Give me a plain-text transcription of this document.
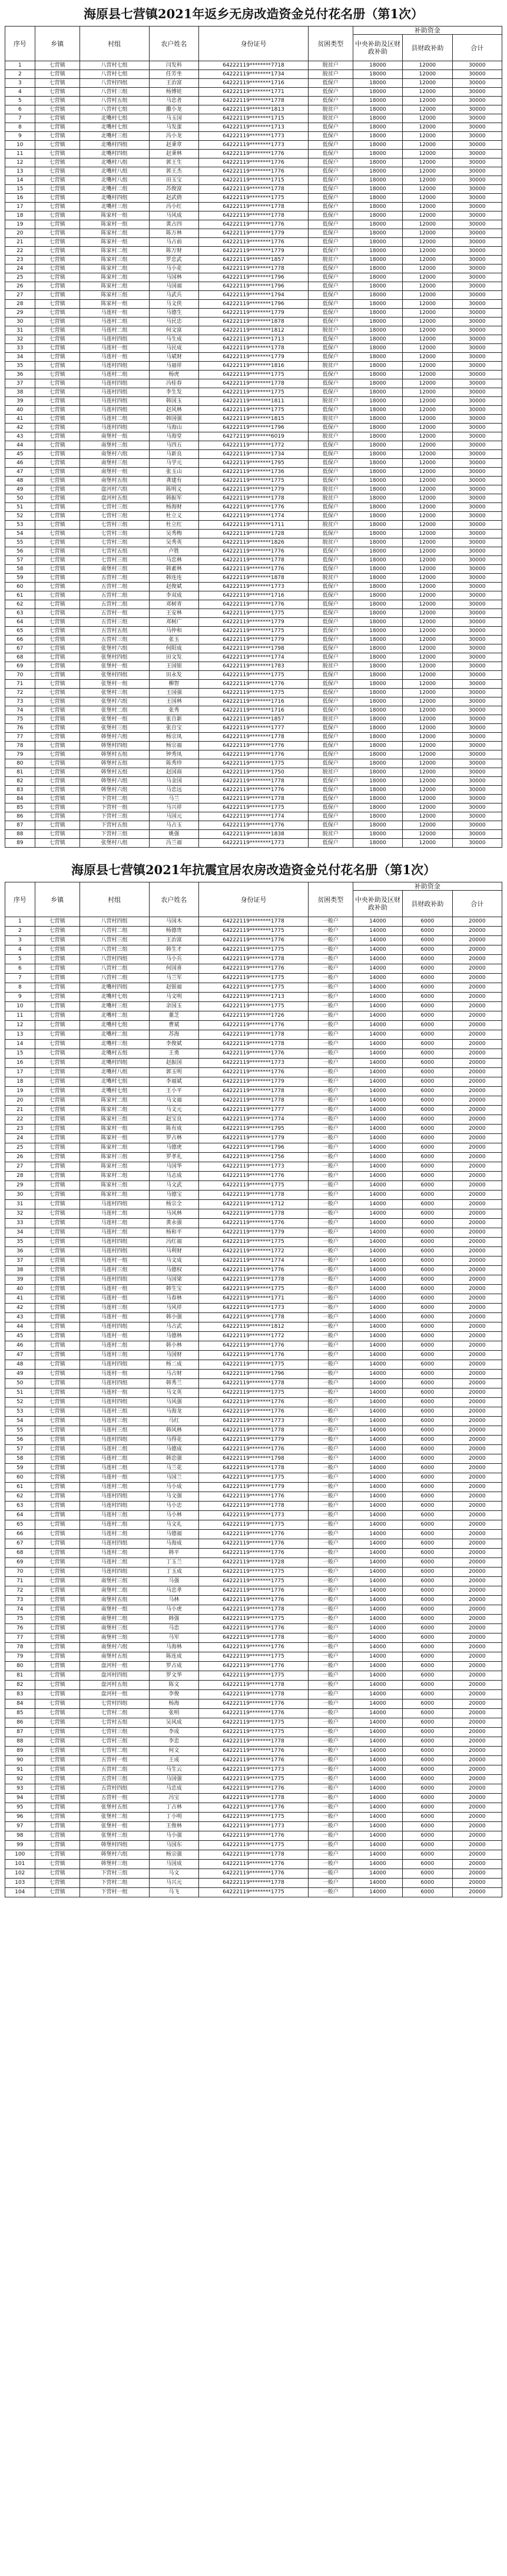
海原县七营镇2021年返乡无房改造资金兑付花名册（第1次）
序号	乡镇	村组	农户姓名	身份证号	贫困类型	补助资金		
						中央补助及区财政补助	县财政补助	合计
1	七营镇	八营村七组	闫发科	64222119********7718	脱贫户	18000	12000	30000
2	七营镇	八营村七组	任芳坐	64222119********1734	脱贫户	18000	12000	30000
3	七营镇	八营村四组	王治富	64222119********1716	低保户	18000	12000	30000
4	七营镇	八营村三组	杨博娃	64222119********1771	低保户	18000	12000	30000
5	七营镇	八营村五组	马忠者	64222119********1778	低保户	18000	12000	30000
6	七营镇	八营村七组	撒小龙	64222119********1813	脱贫户	18000	12000	30000
7	七营镇	北嘴村七组	马玉国	64222119********1715	脱贫户	18000	12000	30000
8	七营镇	北嘴村七组	马发蛋	64222119********1713	低保户	18000	12000	30000
9	七营镇	北嘴村三组	冯小龙	64222119********1773	低保户	18000	12000	30000
10	七营镇	北嘴村四组	赵秉章	64222119********1773	低保户	18000	12000	30000
11	七营镇	北嘴村四组	赵秉林	64222119********1776	低保户	18000	12000	30000
12	七营镇	北嘴村八组	郭王生	64222119********1776	低保户	18000	12000	30000
13	七营镇	北嘴村八组	郭王杰	64222119********1776	低保户	18000	12000	30000
14	七营镇	北嘴村八组	田玉宝	64222119********1715	低保户	18000	12000	30000
15	七营镇	北嘴村二组	苏俊富	64222119********1778	低保户	18000	12000	30000
16	七营镇	北嘴村四组	赵武倩	64222119********1775	低保户	18000	12000	30000
17	七营镇	北嘴村三组	冯小红	64222119********1778	低保户	18000	12000	30000
18	七营镇	陈家村一组	马风成	64222119********1778	低保户	18000	12000	30000
19	七营镇	陈家村一组	黄占四	64222119********1776	低保户	18000	12000	30000
20	七营镇	陈家村二组	陈万林	64222119********1779	低保户	18000	12000	30000
21	七营镇	陈家村一组	马占前	64222119********1776	低保户	18000	12000	30000
22	七营镇	陈家村二组	陈万财	64222119********1779	低保户	18000	12000	30000
23	七营镇	陈家村三组	罗忠武	64222119********1857	脱贫户	18000	12000	30000
24	七营镇	陈家村二组	马小花	64222119********1778	低保户	18000	12000	30000
25	七营镇	陈家村二组	马国林	64222119********1796	低保户	18000	12000	30000
26	七营镇	陈家村二组	马国福	64222119********1796	低保户	18000	12000	30000
27	七营镇	陈家村三组	马武兵	64222119********1794	低保户	18000	12000	30000
28	七营镇	陈家村一组	马文侠	64222119********1796	低保户	18000	12000	30000
29	七营镇	马莲村一组	马德生	64222119********1779	低保户	18000	12000	30000
30	七营镇	马莲村二组	马民忠	64222119********1878	低保户	18000	12000	30000
31	七营镇	马莲村二组	何文富	64222119********1812	脱贫户	18000	12000	30000
32	七营镇	马莲村四组	马生成	64222119********1713	低保户	18000	12000	30000
33	七营镇	马莲村一组	马民成	64222119********1778	低保户	18000	12000	30000
34	七营镇	马莲村一组	马斌财	64222119********1779	低保户	18000	12000	30000
35	七营镇	马莲村四组	马福祥	64222119********1816	脱贫户	18000	12000	30000
36	七营镇	马莲村二组	杨虎	64222119********1775	低保户	18000	12000	30000
37	七营镇	马莲村四组	冯桂春	64222119********1778	低保户	18000	12000	30000
38	七营镇	马莲村四组	李生发	64222119********1775	低保户	18000	12000	30000
39	七营镇	马莲村四组	韩国玉	64222119********1811	脱贫户	18000	12000	30000
40	七营镇	马莲村四组	赵风林	64222119********1775	低保户	18000	12000	30000
41	七营镇	马莲村二组	韩国强	64222119********1815	脱贫户	18000	12000	30000
42	七营镇	马莲村四组	马海山	64222119********1796	低保户	18000	12000	30000
43	七营镇	南堡村一组	马海堂	64272119********6019	脱贫户	18000	12000	30000
44	七营镇	南堡村三组	马四五	64222119********1772	低保户	18000	12000	30000
45	七营镇	南堡村六组	马新良	64222119********1734	低保户	18000	12000	30000
46	七营镇	南堡村三组	马学元	64222119********1795	低保户	18000	12000	30000
47	七营镇	南堡村一组	张玉山	64222119********1736	低保户	18000	12000	30000
48	七营镇	南堡村五组	龚建有	64222119********1775	低保户	18000	12000	30000
49	七营镇	盘河村六组	陈明义	64222119********1779	脱贫户	18000	12000	30000
50	七营镇	盘河村五组	韩振军	64222119********1778	脱贫户	18000	12000	30000
51	七营镇	七营村三组	杨海财	64222119********1776	低保户	18000	12000	30000
52	七营镇	七营村三组	杜立义	64222119********1774	低保户	18000	12000	30000
53	七营镇	七营村三组	杜立红	64222119********1711	脱贫户	18000	12000	30000
54	七营镇	七营村三组	吴秀梅	64222119********1728	低保户	18000	12000	30000
55	七营镇	七营村三组	吴秀英	64222119********1826	脱贫户	18000	12000	30000
56	七营镇	七营村五组	卢胜	64222119********1776	低保户	18000	12000	30000
57	七营镇	七营村三组	马忠林	64222119********1778	低保户	18000	12000	30000
58	七营镇	南堡村三组	韩素林	64222119********1776	低保户	18000	12000	30000
59	七营镇	五营村二组	韩连连	64222119********1878	脱贫户	18000	12000	30000
60	七营镇	五营村二组	赵俊斌	64222119********1773	低保户	18000	12000	30000
61	七营镇	五营村二组	李双成	64222119********1716	低保户	18000	12000	30000
62	七营镇	五营村二组	邓树青	64222119********1776	低保户	18000	12000	30000
63	七营镇	五营村一组	王安林	64222119********1775	低保户	18000	12000	30000
64	七营镇	五营村三组	邓树广	64222119********1779	低保户	18000	12000	30000
65	七营镇	五营村五组	马仲和	64222119********1775	低保户	18000	12000	30000
66	七营镇	五营村三组	张玉	64222119********1779	低保户	18000	12000	30000
67	七营镇	张堡村六组	何阳成	64222119********1798	低保户	18000	12000	30000
68	七营镇	张堡村四组	田文发	64222119********1774	低保户	18000	12000	30000
69	七营镇	张堡村一组	王国银	64222119********1783	脱贫户	18000	12000	30000
70	七营镇	张堡村四组	田永发	64222119********1775	低保户	18000	12000	30000
71	七营镇	张堡村一组	柳智	64222119********1776	低保户	18000	12000	30000
72	七营镇	张堡村三组	王国强	64222119********1775	低保户	18000	12000	30000
73	七营镇	张堡村六组	王国林	64222119********1716	低保户	18000	12000	30000
74	七营镇	张堡村二组	张秀	64222119********1716	低保户	18000	12000	30000
75	七营镇	张堡村一组	张自新	64222119********1857	脱贫户	18000	12000	30000
76	七营镇	张堡村三组	张自宝	64222119********1777	低保户	18000	12000	30000
77	七营镇	韩堡村六组	杨宗凤	64222119********1778	低保户	18000	12000	30000
78	七营镇	韩堡村四组	杨宗福	64222119********1776	低保户	18000	12000	30000
79	七营镇	韩堡村五组	钟秀凤	64222119********1776	低保户	18000	12000	30000
80	七营镇	韩堡村五组	陈秀珍	64222119********1775	低保户	18000	12000	30000
81	七营镇	韩堡村五组	赵国商	64222119********1750	脱贫户	18000	12000	30000
82	七营镇	韩堡村六组	马金国	64222119********1778	低保户	18000	12000	30000
83	七营镇	韩堡村六组	马忠远	64222119********1776	低保户	18000	12000	30000
84	七营镇	下营村二组	马兰	64222119********1778	低保户	18000	12000	30000
85	七营镇	下营村一组	马兴祥	64222119********1775	低保户	18000	12000	30000
86	七营镇	下营村三组	马国元	64222119********1774	低保户	18000	12000	30000
87	七营镇	下营村五组	马占玉	64222119********1776	低保户	18000	12000	30000
88	七营镇	下营村三组	姚强	64222119********1838	脱贫户	18000	12000	30000
89	七营镇	张堡村八组	冯兰福	64222119********1773	低保户	18000	12000	30000
海原县七营镇2021年抗震宜居农房改造资金兑付花名册（第1次）
序号	乡镇	村组	农户姓名	身份证号	贫困类型	补助资金		
						中央补助及区财政补助	县财政补助	合计
1	七营镇	八营村四组	马国木	64222119********1778	一般户	14000	6000	20000
2	七营镇	八营村二组	杨德贵	64222119********1775	一般户	14000	6000	20000
3	七营镇	八营村三组	王治富	64222119********1776	一般户	14000	6000	20000
4	七营镇	八营村三组	韩生才	64222119********1775	一般户	14000	6000	20000
5	七营镇	八营村四组	马小兵	64222119********1778	一般户	14000	6000	20000
6	七营镇	八营村二组	何国喜	64222119********1776	一般户	14000	6000	20000
7	七营镇	八营村二组	马兰军	64222119********1775	一般户	14000	6000	20000
8	七营镇	北嘴村四组	赵银福	64222119********1775	一般户	14000	6000	20000
9	七营镇	北嘴村七组	马文明	64222119********1713	一般户	14000	6000	20000
10	七营镇	北嘴村三组	余国玉	64222119********1775	一般户	14000	6000	20000
11	七营镇	北嘴村二组	董芝	64222119********1726	一般户	14000	6000	20000
12	七营镇	北嘴村七组	曹斌	64222119********1776	一般户	14000	6000	20000
13	七营镇	北嘴村二组	苏海	64222119********1778	一般户	14000	6000	20000
14	七营镇	北嘴村三组	李俊斌	64222119********1778	一般户	14000	6000	20000
15	七营镇	北嘴村五组	王勇	64222119********1776	一般户	14000	6000	20000
16	七营镇	北嘴村四组	赵振国	64222119********1773	一般户	14000	6000	20000
17	七营镇	北嘴村八组	郭玉明	64222119********1776	一般户	14000	6000	20000
18	七营镇	北嘴村七组	李福斌	64222119********1779	一般户	14000	6000	20000
19	七营镇	北嘴村七组	王小平	64222119********1778	一般户	14000	6000	20000
20	七营镇	陈家村二组	马文福	64222119********1778	一般户	14000	6000	20000
21	七营镇	陈家村二组	马文元	64222119********1777	一般户	14000	6000	20000
22	七营镇	陈家村三组	赵宝良	64222119********1774	一般户	14000	6000	20000
23	七营镇	陈家村一组	陈有成	64222119********1795	一般户	14000	6000	20000
24	七营镇	陈家村一组	罗占林	64222119********1779	一般户	14000	6000	20000
25	七营镇	陈家村二组	马德虎	64222119********1796	一般户	14000	6000	20000
26	七营镇	陈家村三组	罗孝礼	64222119********1756	一般户	14000	6000	20000
27	七营镇	陈家村三组	马国华	64222119********1773	一般户	14000	6000	20000
28	七营镇	陈家村二组	马志成	64222119********1776	一般户	14000	6000	20000
29	七营镇	陈家村三组	马文武	64222119********1775	一般户	14000	6000	20000
30	七营镇	陈家村二组	马德宝	64222119********1778	一般户	14000	6000	20000
31	七营镇	马莲村四组	杨宗全	64222119********1712	一般户	14000	6000	20000
32	七营镇	马莲村二组	马风林	64222119********1778	一般户	14000	6000	20000
33	七营镇	马莲村二组	黄永强	64222119********1776	一般户	14000	6000	20000
34	七营镇	马莲村二组	杨和平	64222119********1779	一般户	14000	6000	20000
35	七营镇	马莲村四组	冯红福	64222119********1775	一般户	14000	6000	20000
36	七营镇	马莲村四组	马利财	64222119********1772	一般户	14000	6000	20000
37	七营镇	马莲村一组	马文成	64222119********1774	一般户	14000	6000	20000
38	七营镇	马莲村三组	马德权	64222119********1776	一般户	14000	6000	20000
39	七营镇	马莲村四组	马国梁	64222119********1778	一般户	14000	6000	20000
40	七营镇	马莲村一组	韩生宝	64222119********1775	一般户	14000	6000	20000
41	七营镇	马莲村一组	马春林	64222119********1771	一般户	14000	6000	20000
42	七营镇	马莲村三组	马风祥	64222119********1773	一般户	14000	6000	20000
43	七营镇	马莲村一组	韩小强	64222119********1778	一般户	14000	6000	20000
44	七营镇	马莲村四组	马占武	64222119********1812	一般户	14000	6000	20000
45	七营镇	马莲村一组	马德林	64222119********1772	一般户	14000	6000	20000
46	七营镇	马莲村二组	韩小林	64222119********1776	一般户	14000	6000	20000
47	七营镇	马莲村三组	马国财	64222119********1776	一般户	14000	6000	20000
48	七营镇	马莲村四组	杨二成	64222119********1775	一般户	14000	6000	20000
49	七营镇	马莲村一组	马占财	64222119********1796	一般户	14000	6000	20000
50	七营镇	马莲村四组	韩秀兰	64222119********1778	一般户	14000	6000	20000
51	七营镇	马莲村一组	马文英	64222119********1775	一般户	14000	6000	20000
52	七营镇	马莲村四组	马风强	64222119********1776	一般户	14000	6000	20000
53	七营镇	马莲村三组	马海龙	64222119********1776	一般户	14000	6000	20000
54	七营镇	马莲村三组	马红	64222119********1773	一般户	14000	6000	20000
55	七营镇	马莲村三组	韩风林	64222119********1778	一般户	14000	6000	20000
56	七营镇	马莲村四组	马得花	64222119********1779	一般户	14000	6000	20000
57	七营镇	马莲村二组	马德成	64222119********1776	一般户	14000	6000	20000
58	七营镇	马莲村二组	韩忠强	64222119********1798	一般户	14000	6000	20000
59	七营镇	马莲村二组	马兰花	64222119********1778	一般户	14000	6000	20000
60	七营镇	马莲村一组	马国兰	64222119********1775	一般户	14000	6000	20000
61	七营镇	马莲村二组	马小成	64222119********1779	一般户	14000	6000	20000
62	七营镇	马莲村四组	马文强	64222119********1776	一般户	14000	6000	20000
63	七营镇	马莲村四组	马小忠	64222119********1778	一般户	14000	6000	20000
64	七营镇	马莲村三组	马小林	64222119********1773	一般户	14000	6000	20000
65	七营镇	马莲村二组	马文礼	64222119********1775	一般户	14000	6000	20000
66	七营镇	马莲村二组	马德福	64222119********1776	一般户	14000	6000	20000
67	七营镇	马莲村四组	马海成	64222119********1776	一般户	14000	6000	20000
68	七营镇	马莲村二组	韩平	64222119********1776	一般户	14000	6000	20000
69	七营镇	马莲村二组	丁玉兰	64222119********1728	一般户	14000	6000	20000
70	七营镇	马莲村四组	丁玉成	64222119********1775	一般户	14000	6000	20000
71	七营镇	南堡村三组	马强	64222119********1775	一般户	14000	6000	20000
72	七营镇	南堡村二组	马忠孝	64222119********1776	一般户	14000	6000	20000
73	七营镇	南堡村五组	马林	64222119********1776	一般户	14000	6000	20000
74	七营镇	南堡村一组	马小虎	64222119********1778	一般户	14000	6000	20000
75	七营镇	南堡村二组	韩强	64222119********1775	一般户	14000	6000	20000
76	七营镇	南堡村三组	马忠	64222119********1776	一般户	14000	6000	20000
77	七营镇	南堡村三组	马军	64222119********1778	一般户	14000	6000	20000
78	七营镇	南堡村六组	马海林	64222119********1776	一般户	14000	6000	20000
79	七营镇	南堡村五组	陈连成	64222119********1775	一般户	14000	6000	20000
80	七营镇	盘河村一组	罗占成	64222119********1776	一般户	14000	6000	20000
81	七营镇	盘河村四组	罗文华	64222119********1775	一般户	14000	6000	20000
82	七营镇	盘河村五组	陈文	64222119********1778	一般户	14000	6000	20000
83	七营镇	盘河村一组	李俊	64222119********1778	一般户	14000	6000	20000
84	七营镇	七营村四组	杨海	64222119********1776	一般户	14000	6000	20000
85	七营镇	七营村二组	张明	64222119********1776	一般户	14000	6000	20000
86	七营镇	七营村五组	吴风成	64222119********1775	一般户	14000	6000	20000
87	七营镇	七营村三组	李成	64222119********1775	一般户	14000	6000	20000
88	七营镇	七营村三组	李忠	64222119********1778	一般户	14000	6000	20000
89	七营镇	七营村二组	何文	64222119********1776	一般户	14000	6000	20000
90	七营镇	五营村一组	王成	64222119********1776	一般户	14000	6000	20000
91	七营镇	五营村二组	马生云	64222119********1773	一般户	14000	6000	20000
92	七营镇	五营村三组	马国强	64222119********1775	一般户	14000	6000	20000
93	七营镇	五营村四组	马忠成	64222119********1776	一般户	14000	6000	20000
94	七营镇	五营村一组	冯宝	64222119********1778	一般户	14000	6000	20000
95	七营镇	张堡村五组	丁占林	64222119********1776	一般户	14000	6000	20000
96	七营镇	张堡村二组	丁小明	64222119********1775	一般户	14000	6000	20000
97	七营镇	张堡村一组	王俊林	64222119********1773	一般户	14000	6000	20000
98	七营镇	张堡村三组	马小强	64222119********1776	一般户	14000	6000	20000
99	七营镇	韩堡村四组	马国东	64222119********1775	一般户	14000	6000	20000
100	七营镇	韩堡村六组	杨宗强	64222119********1778	一般户	14000	6000	20000
101	七营镇	韩堡村三组	马国成	64222119********1776	一般户	14000	6000	20000
102	七营镇	下营村三组	马文	64222119********1776	一般户	14000	6000	20000
103	七营镇	下营村二组	马兴元	64222119********1778	一般户	14000	6000	20000
104	七营镇	下营村一组	马飞	64222119********1775	一般户	14000	6000	20000
